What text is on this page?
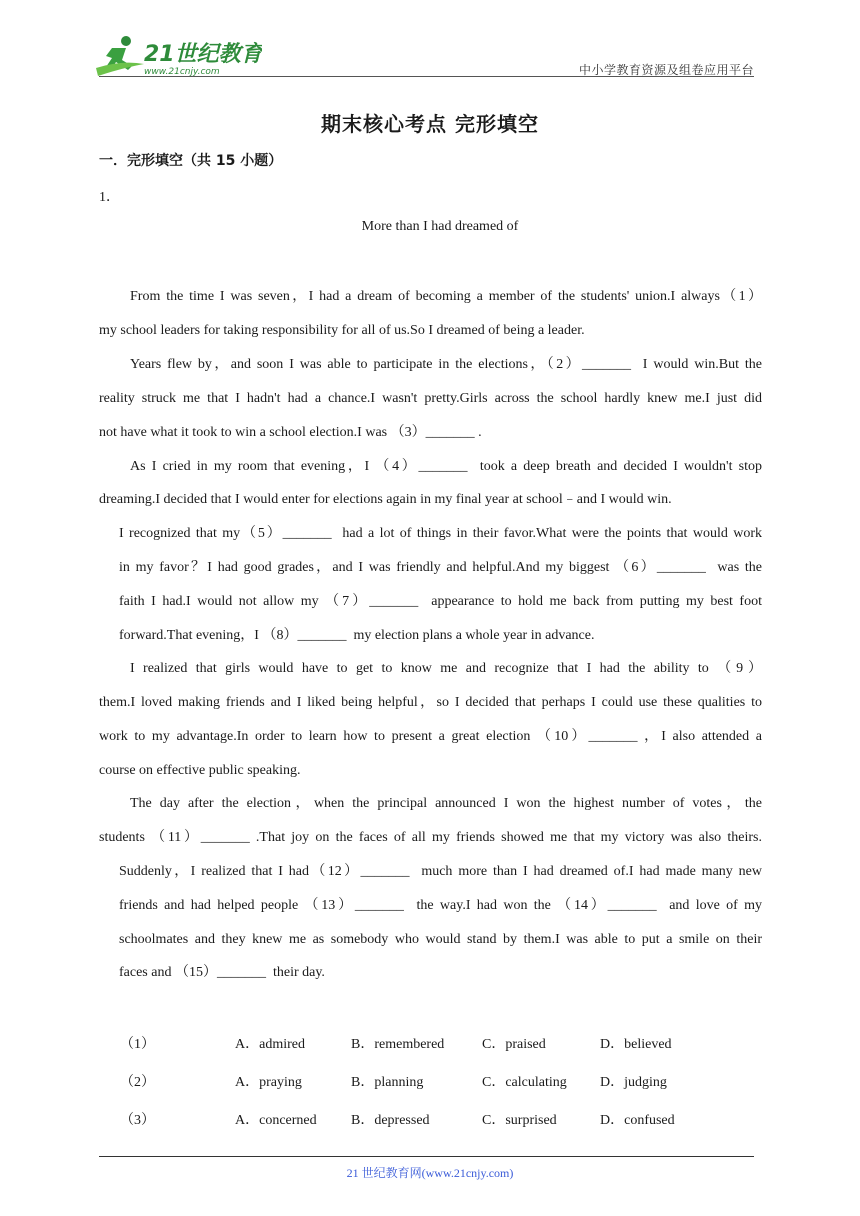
21世纪教育
www.21cnjy.com	中小学教育资源及组卷应用平台
期末核心考点 完形填空
一．完形填空（共 15 小题）
1．
More than I had dreamed of
From the time I was seven，I had a dream of becoming a member of the students' union.I always（1）
my school leaders for taking responsibility for all of us.So I dreamed of being a leader.
Years flew by，and soon I was able to participate in the elections，（2）_______  I would win.But the
reality struck me that I hadn't had a chance.I wasn't pretty.Girls across the school hardly knew me.I just did
not have what it took to win a school election.I was （3）_______ .
As I cried in my room that evening，I （4）_______  took a deep breath and decided I wouldn't stop
dreaming.I decided that I would enter for elections again in my final year at school﹣and I would win.
I recognized that my（5）_______  had a lot of things in their favor.What were the points that would work
in my favor？I had good grades，and I was friendly and helpful.And my biggest （6）_______  was the
faith I had.I would not allow my （7）_______  appearance to hold me back from putting my best foot
forward.That evening，I （8）_______  my election plans a whole year in advance.
I realized that girls would have to get to know me and recognize that I had the ability to （9）
them.I loved making friends and I liked being helpful，so I decided that perhaps I could use these qualities to
work to my advantage.In order to learn how to present a great election （10）_______ ，I also attended a
course on effective public speaking.
The day after the election，when the principal announced I won the highest number of votes，the
students （11）_______ .That joy on the faces of all my friends showed me that my victory was also theirs.
Suddenly，I realized that I had（12）_______  much more than I had dreamed of.I had made many new
friends and had helped people （13）_______  the way.I had won the （14）_______  and love of my
schoolmates and they knew me as somebody who would stand by them.I was able to put a smile on their
faces and （15）_______  their day.
（1）	A．admired	B．remembered	C．praised	D．believed
（2）	A．praying	B．planning	C．calculating D．judging
（3）	A．concerned B．depressed	C．surprised	D．confused
21 世纪教育网(www.21cnjy.com)
